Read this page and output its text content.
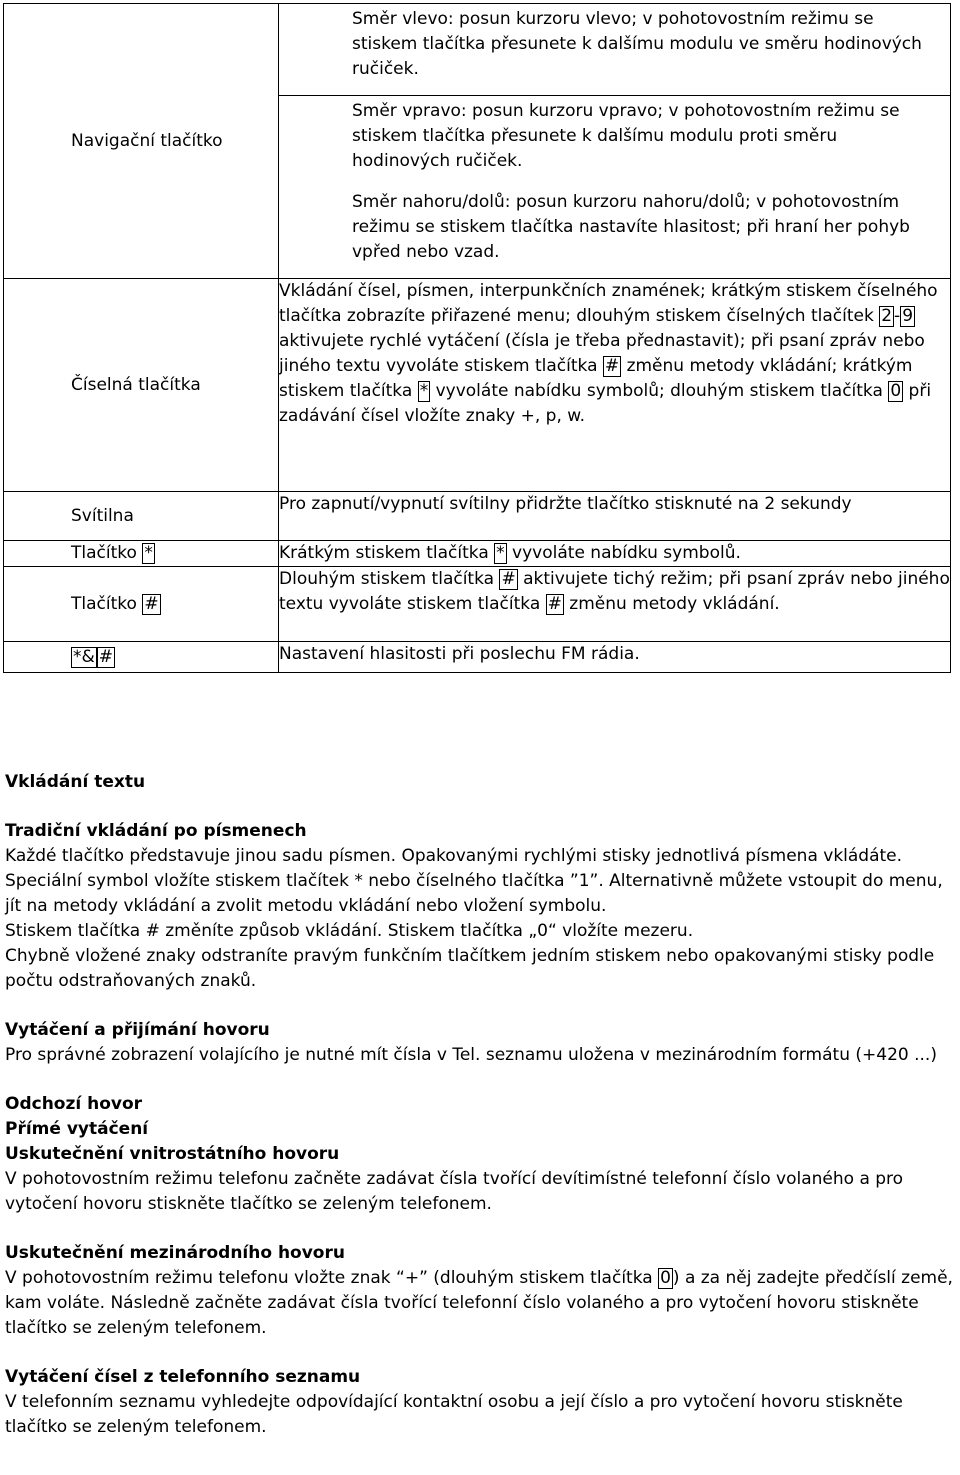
Navigační tlačítko	Směr vlevo: posun kurzoru vlevo; v pohotovostním režimu se stiskem tlačítka přesunete k dalšímu modulu ve směru hodinových ručiček.

	Směr vpravo: posun kurzoru vpravo; v pohotovostním režimu se stiskem tlačítka přesunete k dalšímu modulu proti směru hodinových ručiček.

	Směr nahoru/dolů: posun kurzoru nahoru/dolů; v pohotovostním režimu se stiskem tlačítka nastavíte hlasitost; při hraní her pohyb vpřed nebo vzad.

Číselná tlačítka	Vkládání čísel, písmen, interpunkčních znamének; krátkým stiskem číselného tlačítka zobrazíte přiřazené menu; dlouhým stiskem číselných tlačítek 2 - 9 aktivujete rychlé vytáčení (čísla je třeba přednastavit); při psaní zpráv nebo jiného textu vyvoláte stiskem tlačítka # změnu metody vkládání; krátkým stiskem tlačítka * vyvoláte nabídku symbolů; dlouhým stiskem tlačítka 0 při zadávání čísel vložíte znaky +, p, w.

Svítilna	Pro zapnutí/vypnutí svítilny přidržte tlačítko stisknuté na 2 sekundy

Tlačítko *	Krátkým stiskem tlačítka * vyvoláte nabídku symbolů.

Tlačítko #	Dlouhým stiskem tlačítka # aktivujete tichý režim; při psaní zpráv nebo jiného textu vyvoláte stiskem tlačítka # změnu metody vkládání.

*& #	Nastavení hlasitosti při poslechu FM rádia.

Vkládání textu

Tradiční vkládání po písmenech

Každé tlačítko představuje jinou sadu písmen. Opakovanými rychlými stisky jednotlivá písmena vkládáte. Speciální symbol vložíte stiskem tlačítek * nebo číselného tlačítka ”1”. Alternativně můžete vstoupit do menu, jít na metody vkládání a zvolit metodu vkládání nebo vložení symbolu.

Stiskem tlačítka # změníte způsob vkládání. Stiskem tlačítka „0“ vložíte mezeru.

Chybně vložené znaky odstraníte pravým funkčním tlačítkem jedním stiskem nebo opakovanými stisky podle počtu odstraňovaných znaků.

Vytáčení a přijímání hovoru

Pro správné zobrazení volajícího je nutné mít čísla v Tel. seznamu uložena v mezinárodním formátu (+420 ...)

Odchozí hovor

Přímé vytáčení

Uskutečnění vnitrostátního hovoru

V pohotovostním režimu telefonu začněte zadávat čísla tvořící devítimístné telefonní číslo volaného a pro vytočení hovoru stiskněte tlačítko se zeleným telefonem.

Uskutečnění mezinárodního hovoru

V pohotovostním režimu telefonu vložte znak “+” (dlouhým stiskem tlačítka 0 ) a za něj zadejte předčíslí země, kam voláte. Následně začněte zadávat čísla tvořící telefonní číslo volaného a pro vytočení hovoru stiskněte tlačítko se zeleným telefonem.

Vytáčení čísel z telefonního seznamu

V telefonním seznamu vyhledejte odpovídající kontaktní osobu a její číslo a pro vytočení hovoru stiskněte tlačítko se zeleným telefonem.
